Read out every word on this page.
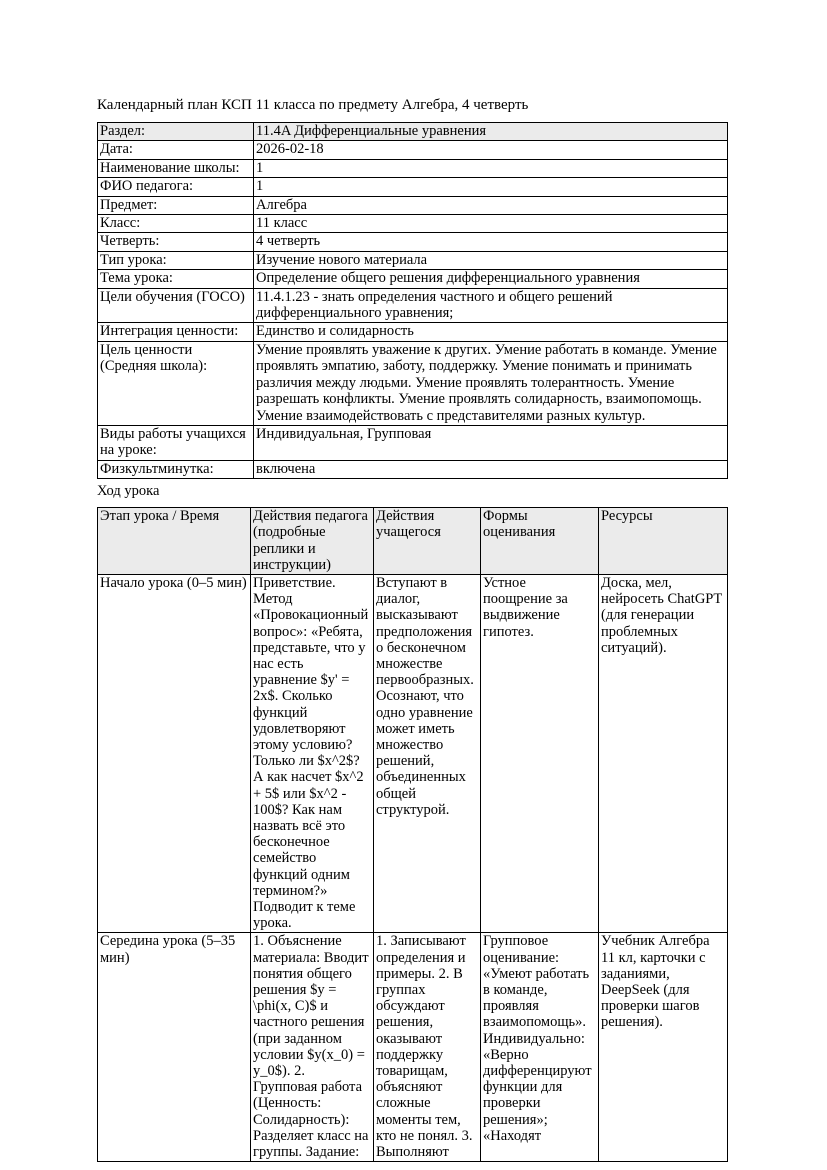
Календарный план КСП 11 класса по предмету Алгебра, 4 четверть

Раздел:	11.4A Дифференциальные уравнения
Дата:	2026-02-18
Наименование школы:	1
ФИО педагога:	1
Предмет:	Алгебра
Класс:	11 класс
Четверть:	4 четверть
Тип урока:	Изучение нового материала
Тема урока:	Определение общего решения дифференциального уравнения
Цели обучения (ГОСО)	11.4.1.23 - знать определения частного и общего решений дифференциального уравнения;
Интеграция ценности:	Единство и солидарность
Цель ценности (Средняя школа):	Умение проявлять уважение к других. Умение работать в команде. Умение проявлять эмпатию, заботу, поддержку. Умение понимать и принимать различия между людьми. Умение проявлять толерантность. Умение разрешать конфликты. Умение проявлять солидарность, взаимопомощь. Умение взаимодействовать с представителями разных культур.
Виды работы учащихся на уроке:	Индивидуальная, Групповая
Физкультминутка:	включена

Ход урока

Этап урока / Время	Действия педагога (подробные реплики и инструкции)	Действия учащегося	Формы оценивания	Ресурсы
Начало урока (0–5 мин)	Приветствие. Метод «Провокационный вопрос»: «Ребята, представьте, что у нас есть уравнение $y' = 2x$. Сколько функций удовлетворяют этому условию? Только ли $x^2$? А как насчет $x^2 + 5$ или $x^2 - 100$? Как нам назвать всё это бесконечное семейство функций одним термином?» Подводит к теме урока.	Вступают в диалог, высказывают предположения о бесконечном множестве первообразных. Осознают, что одно уравнение может иметь множество решений, объединенных общей структурой.	Устное поощрение за выдвижение гипотез.	Доска, мел, нейросеть ChatGPT (для генерации проблемных ситуаций).
Середина урока (5–35 мин)	1. Объяснение материала: Вводит понятия общего решения $y = \phi(x, C)$ и частного решения (при заданном условии $y(x_0) = y_0$). 2. Групповая работа (Ценность: Солидарность): Разделяет класс на группы. Задание:	1. Записывают определения и примеры. 2. В группах обсуждают решения, оказывают поддержку товарищам, объясняют сложные моменты тем, кто не понял. 3. Выполняют	Групповое оценивание: «Умеют работать в команде, проявляя взаимопомощь». Индивидуально: «Верно дифференцируют функции для проверки решения»; «Находят	Учебник Алгебра 11 кл, карточки с заданиями, DeepSeek (для проверки шагов решения).
